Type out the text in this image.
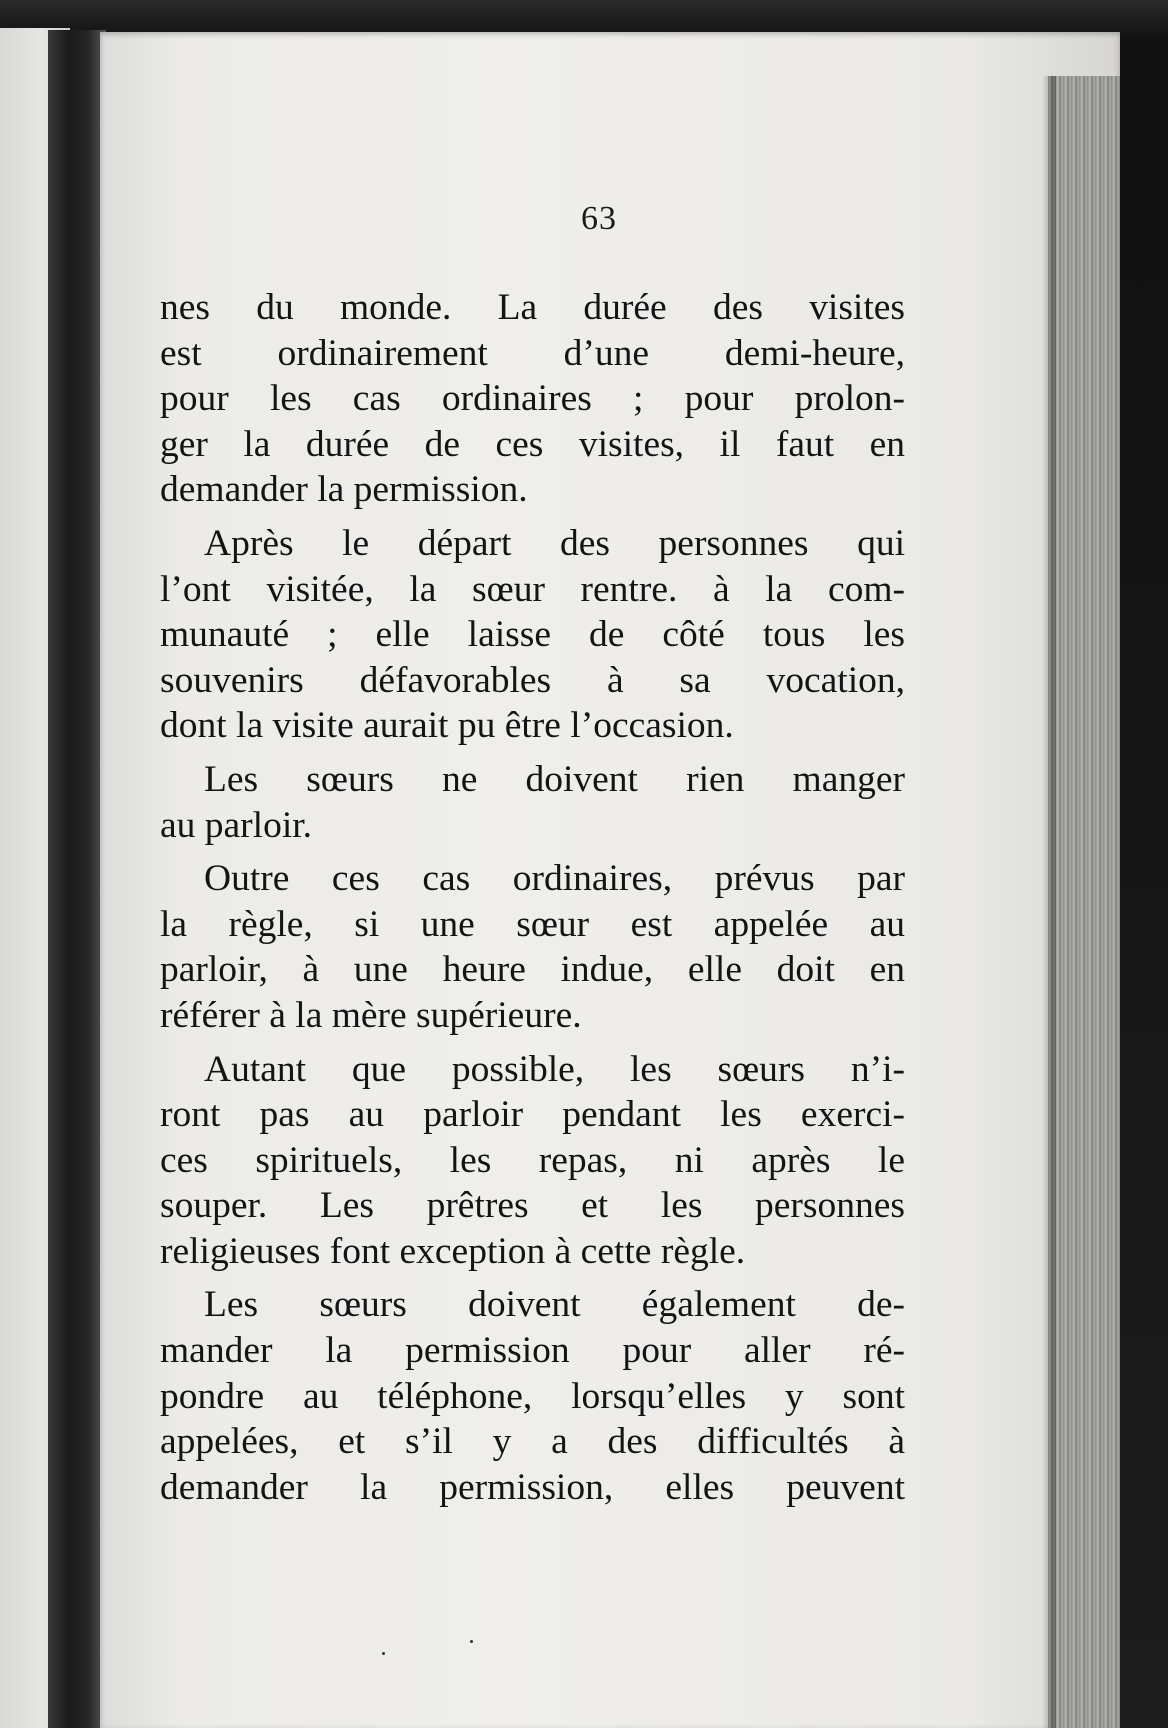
63
nes du monde. La durée des visites
est ordinairement d’une demi-heure,
pour les cas ordinaires ; pour prolon-
ger la durée de ces visites, il faut en
demander la permission.
Après le départ des personnes qui
l’ont visitée, la sœur rentre. à la com-
munauté ; elle laisse de côté tous les
souvenirs défavorables à sa vocation,
dont la visite aurait pu être l’occasion.
Les sœurs ne doivent rien manger
au parloir.
Outre ces cas ordinaires, prévus par
la règle, si une sœur est appelée au
parloir, à une heure indue, elle doit en
référer à la mère supérieure.
Autant que possible, les sœurs n’i-
ront pas au parloir pendant les exerci-
ces spirituels, les repas, ni après le
souper. Les prêtres et les personnes
religieuses font exception à cette règle.
Les sœurs doivent également de-
mander la permission pour aller ré-
pondre au téléphone, lorsqu’elles y sont
appelées, et s’il y a des difficultés à
demander la permission, elles peuvent
